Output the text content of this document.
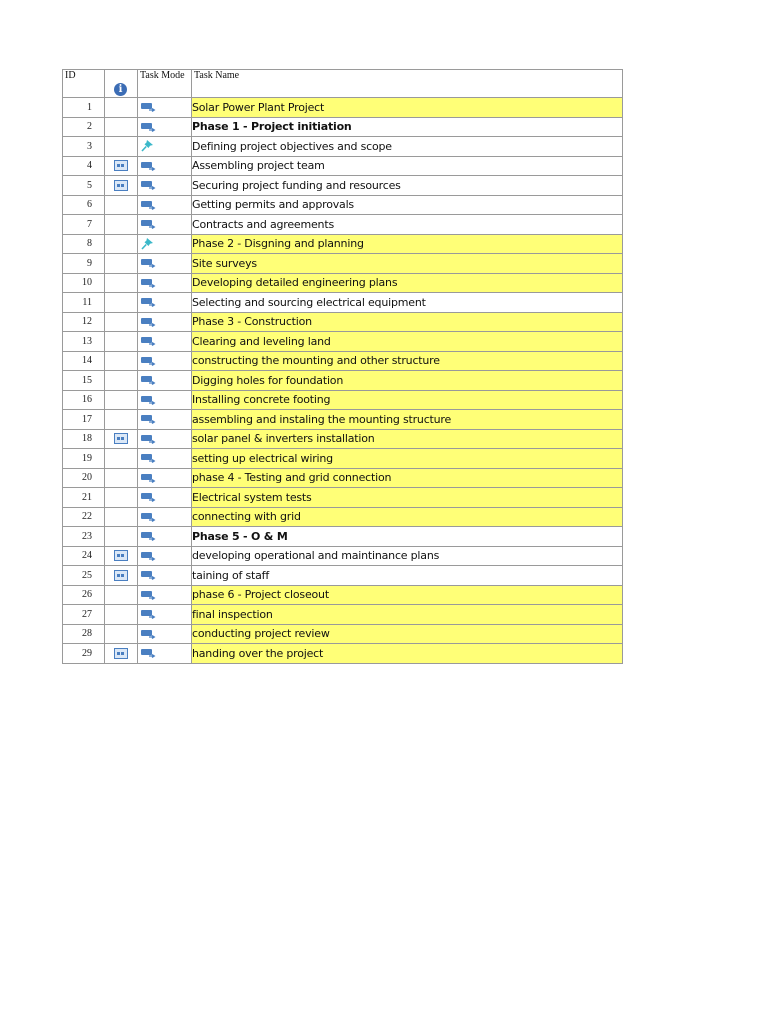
ID	i	Task Mode	Task Name
1			Solar Power Plant Project
2			Phase 1 - Project initiation
3			Defining project objectives and scope
4			Assembling project team
5			Securing project funding and resources
6			Getting permits and approvals
7			Contracts and agreements
8			Phase 2 - Disgning and planning
9			Site surveys
10			Developing detailed engineering plans
11			Selecting and sourcing electrical equipment
12			Phase 3 - Construction
13			Clearing and leveling land
14			constructing the mounting and other structure
15			Digging holes for foundation
16			Installing concrete footing
17			assembling and instaling the mounting structure
18			solar panel & inverters installation
19			setting up electrical wiring
20			phase 4 - Testing and grid connection
21			Electrical system tests
22			connecting with grid
23			Phase 5 - O & M
24			developing operational and maintinance plans
25			taining of staff
26			phase 6 - Project closeout
27			final inspection
28			conducting project review
29			handing over the project
